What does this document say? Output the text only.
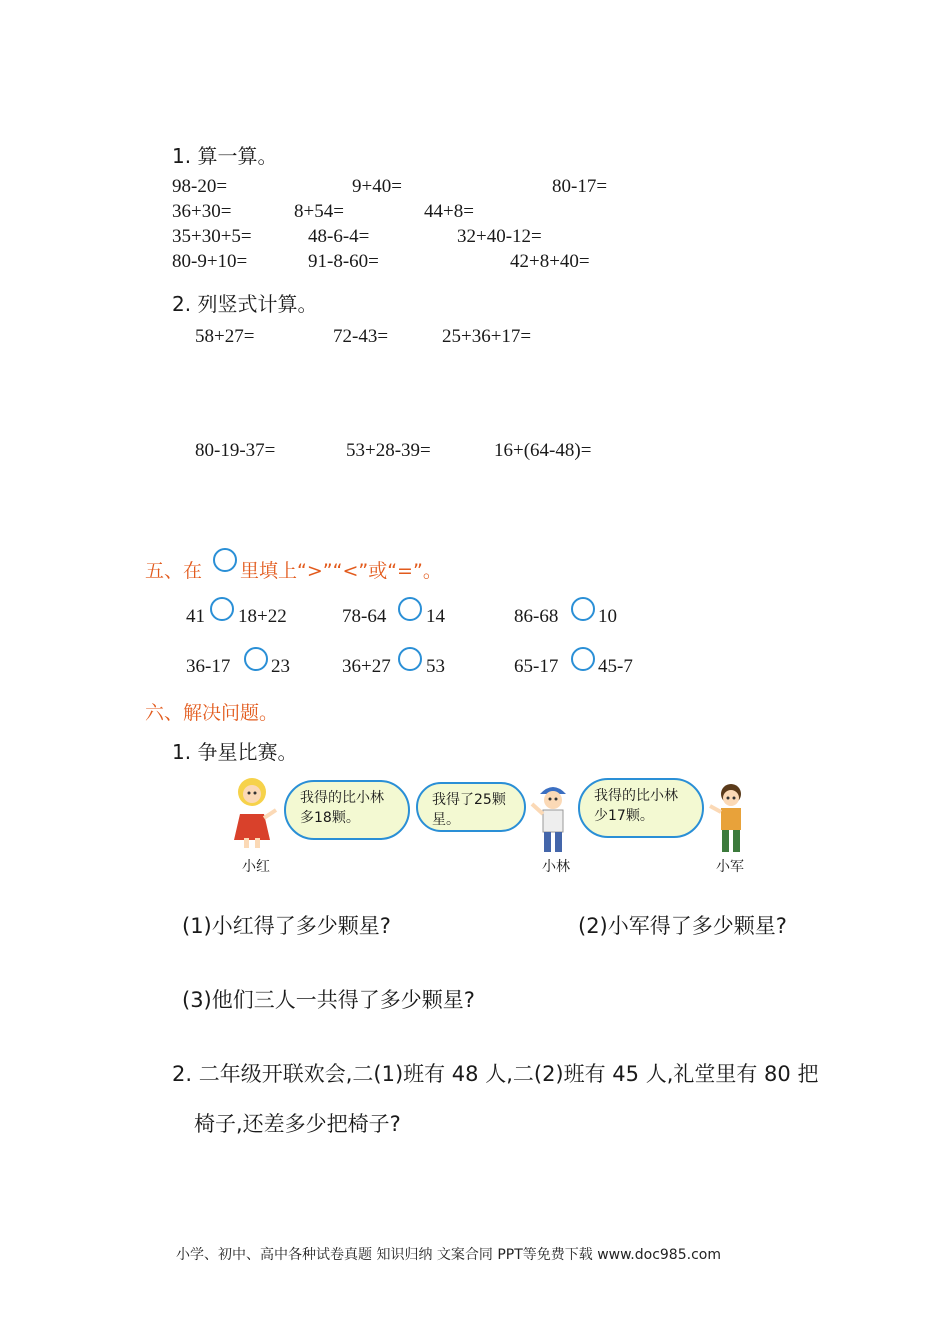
1. 算一算。
98-20=	9+40=	80-17=
36+30=	8+54=	44+8=
35+30+5=	48-6-4=	32+40-12=
80-9+10=	91-8-60=	42+8+40=
2. 列竖式计算。
58+27=	72-43=	25+36+17=
80-19-37=	53+28-39=	16+(64-48)=
五、在 里填上“>”“<”或“=”。
41 18+22	78-64 14	86-68 10
36-17 23	36+27 53	65-17 45-7
六、解决问题。
1. 争星比赛。
我得的比小林多18颗。
我得了25颗星。
我得的比小林少17颗。
小红	小林	小军
(1)小红得了多少颗星?	(2)小军得了多少颗星?
(3)他们三人一共得了多少颗星?
2. 二年级开联欢会,二(1)班有 48 人,二(2)班有 45 人,礼堂里有 80 把
椅子,还差多少把椅子?
小学、初中、高中各种试卷真题 知识归纳 文案合同 PPT等免费下载 www.doc985.com
